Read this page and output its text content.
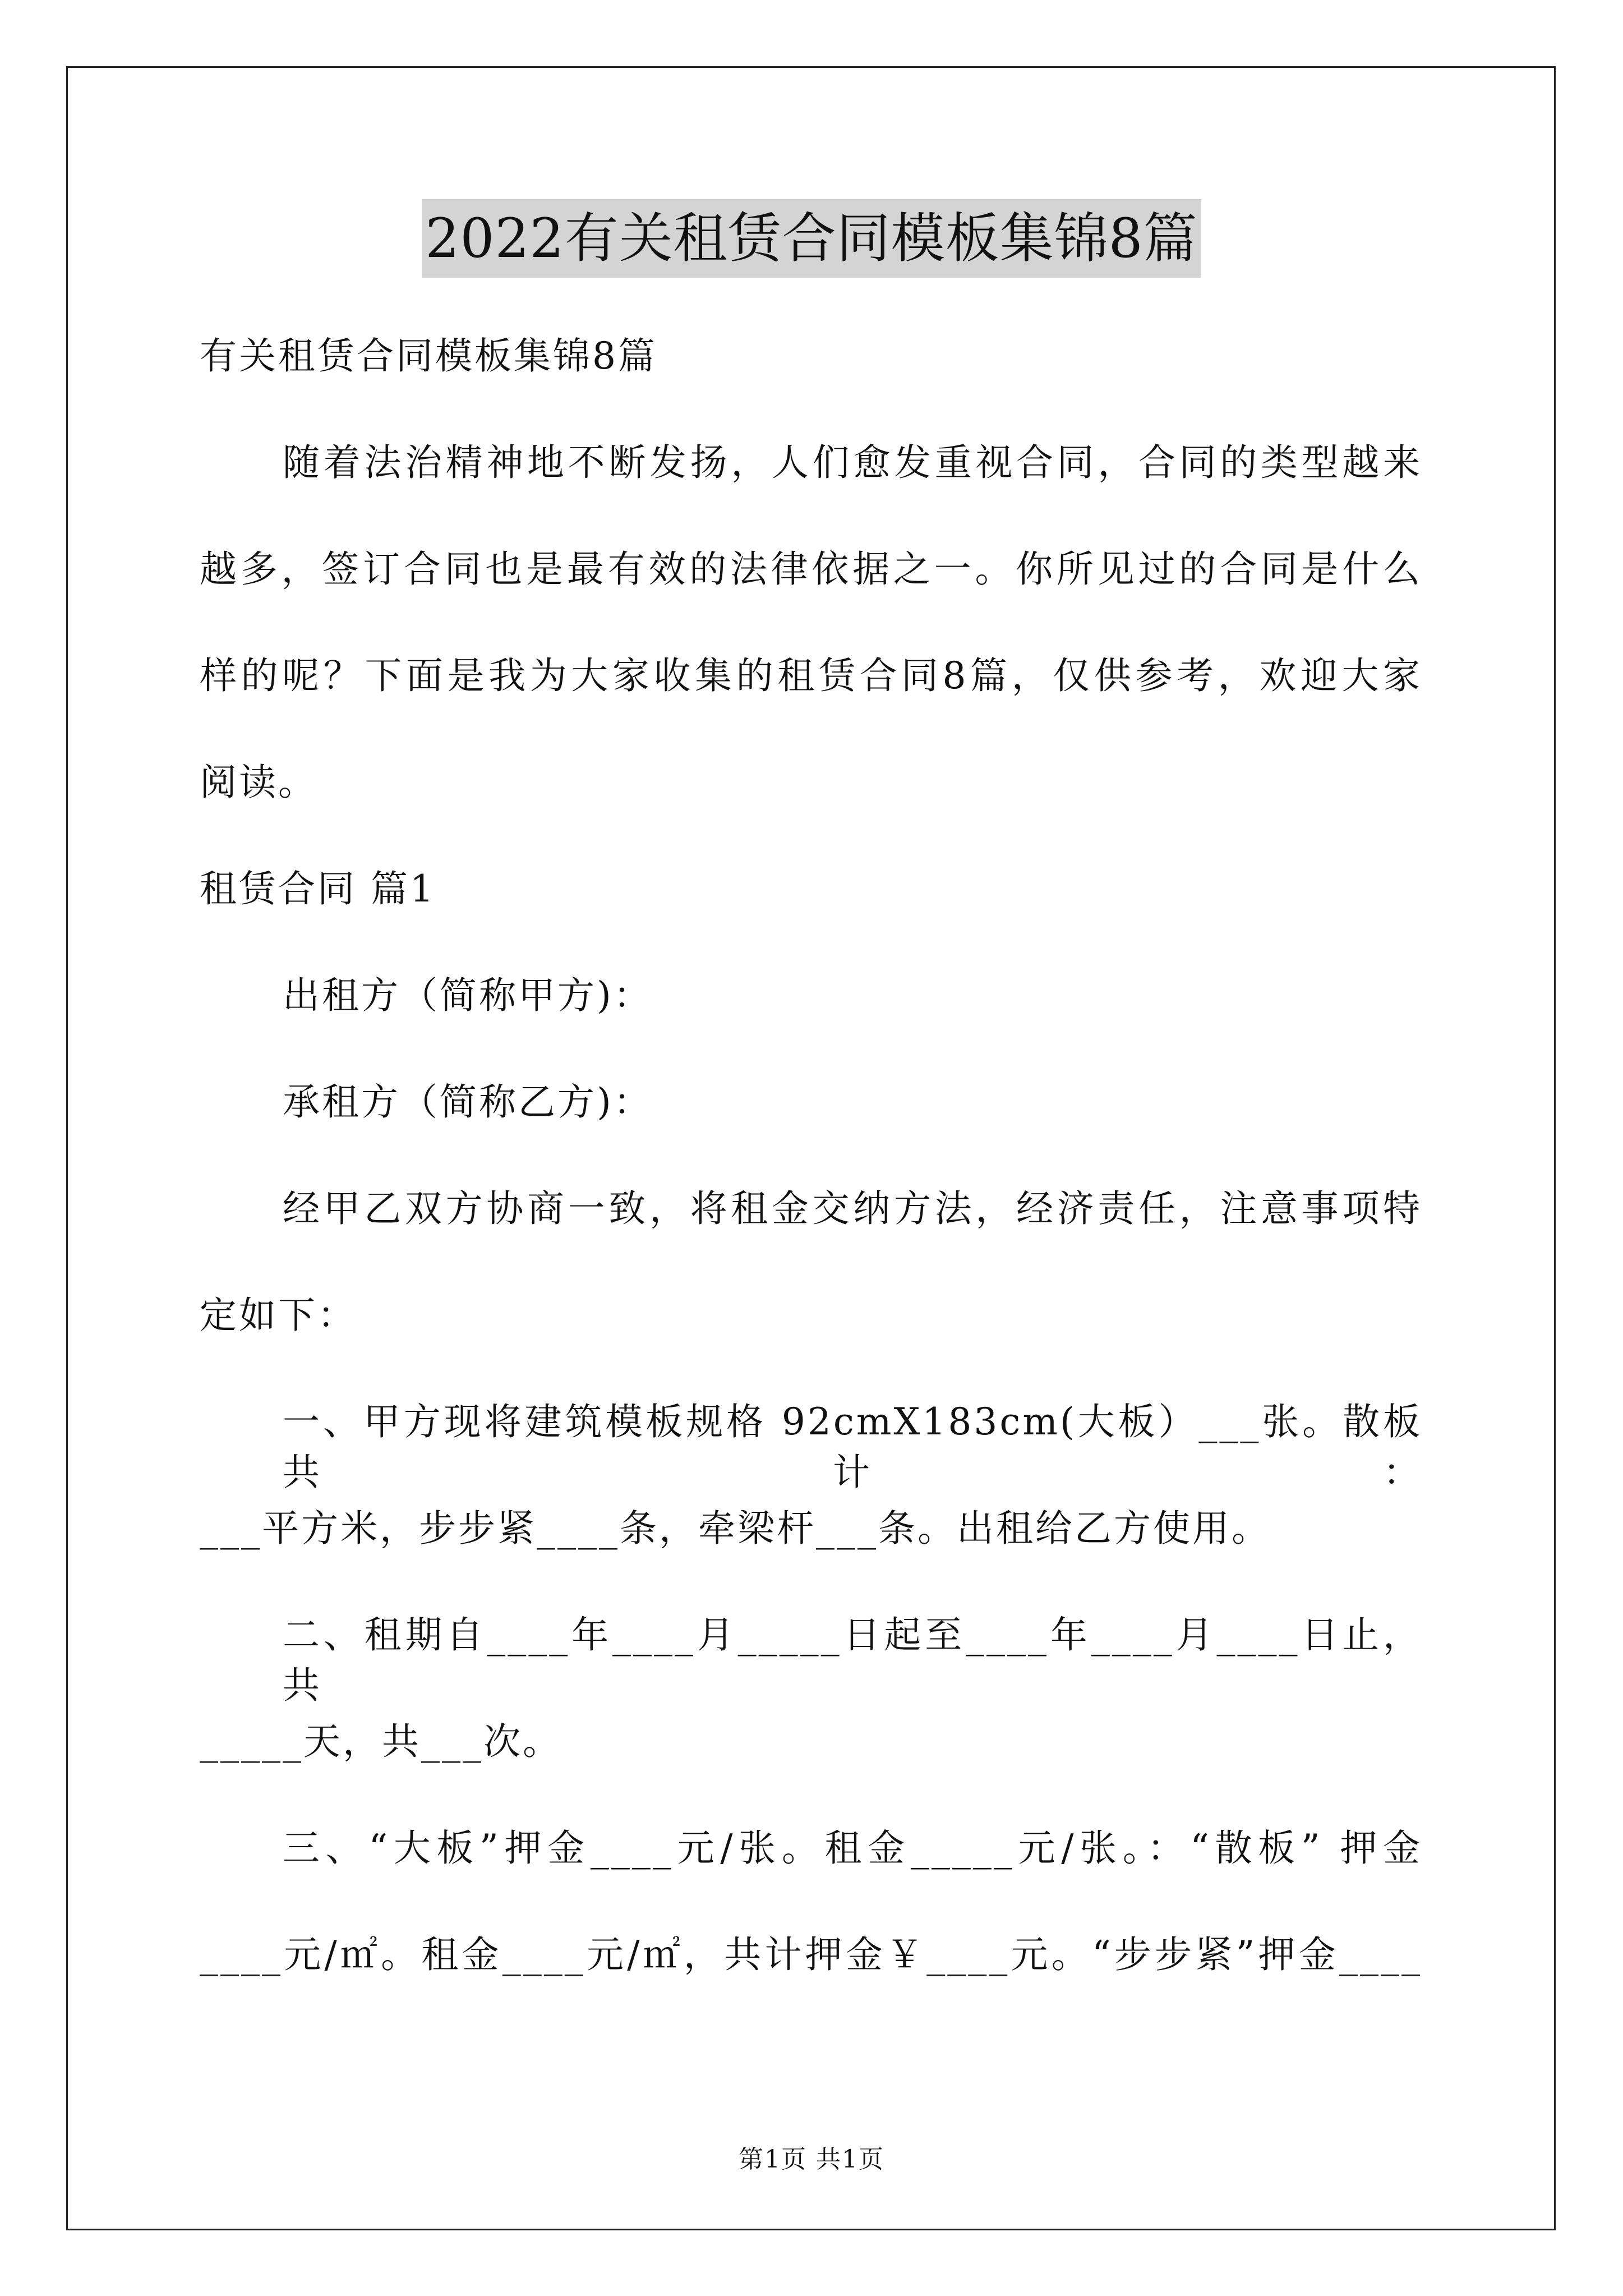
2022有关租赁合同模板集锦8篇
有关租赁合同模板集锦8篇
随着法治精神地不断发扬，人们愈发重视合同，合同的类型越来
越多，签订合同也是最有效的法律依据之一。你所见过的合同是什么
样的呢？下面是我为大家收集的租赁合同8篇，仅供参考，欢迎大家
阅读。
租赁合同 篇1
出租方（简称甲方)：
承租方（简称乙方)：
经甲乙双方协商一致，将租金交纳方法，经济责任，注意事项特
定如下：
一、甲方现将建筑模板规格 92cmX183cm(大板）___张。散板共计：
___平方米，步步紧____条，牵梁杆___条。出租给乙方使用。
二、租期自____年____月_____日起至____年____月____日止，共
_____天，共___次。
三、“大板”押金____元/张。租金_____元/张。：“散板” 押金
____元/㎡。租金____元/㎡，共计押金￥____元。“步步紧”押金____
第1页 共1页
